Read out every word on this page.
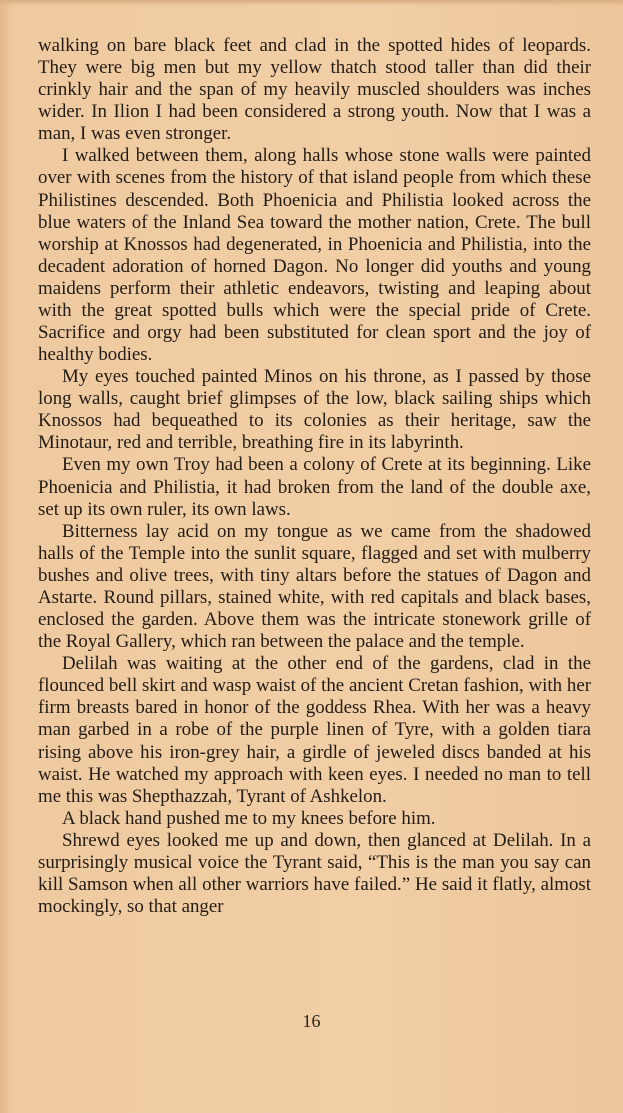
walking on bare black feet and clad in the spotted hides of leopards. They were big men but my yellow thatch stood taller than did their crinkly hair and the span of my heavily muscled shoulders was inches wider. In Ilion I had been considered a strong youth. Now that I was a man, I was even stronger.

I walked between them, along halls whose stone walls were painted over with scenes from the history of that island people from which these Philistines descended. Both Phoenicia and Philistia looked across the blue waters of the Inland Sea toward the mother nation, Crete. The bull worship at Knossos had degenerated, in Phoenicia and Philistia, into the decadent adoration of horned Dagon. No longer did youths and young maidens perform their athletic endeavors, twisting and leaping about with the great spotted bulls which were the special pride of Crete. Sacrifice and orgy had been substituted for clean sport and the joy of healthy bodies.

My eyes touched painted Minos on his throne, as I passed by those long walls, caught brief glimpses of the low, black sailing ships which Knossos had bequeathed to its colonies as their heritage, saw the Minotaur, red and terrible, breathing fire in its labyrinth.

Even my own Troy had been a colony of Crete at its beginning. Like Phoenicia and Philistia, it had broken from the land of the double axe, set up its own ruler, its own laws.

Bitterness lay acid on my tongue as we came from the shadowed halls of the Temple into the sunlit square, flagged and set with mulberry bushes and olive trees, with tiny altars before the statues of Dagon and Astarte. Round pillars, stained white, with red capitals and black bases, enclosed the garden. Above them was the intricate stonework grille of the Royal Gallery, which ran between the palace and the temple.

Delilah was waiting at the other end of the gardens, clad in the flounced bell skirt and wasp waist of the ancient Cretan fashion, with her firm breasts bared in honor of the goddess Rhea. With her was a heavy man garbed in a robe of the purple linen of Tyre, with a golden tiara rising above his iron-grey hair, a girdle of jeweled discs banded at his waist. He watched my approach with keen eyes. I needed no man to tell me this was Shepthazzah, Tyrant of Ashkelon.

A black hand pushed me to my knees before him.

Shrewd eyes looked me up and down, then glanced at Delilah. In a surprisingly musical voice the Tyrant said, “This is the man you say can kill Samson when all other warriors have failed.” He said it flatly, almost mockingly, so that anger

16
